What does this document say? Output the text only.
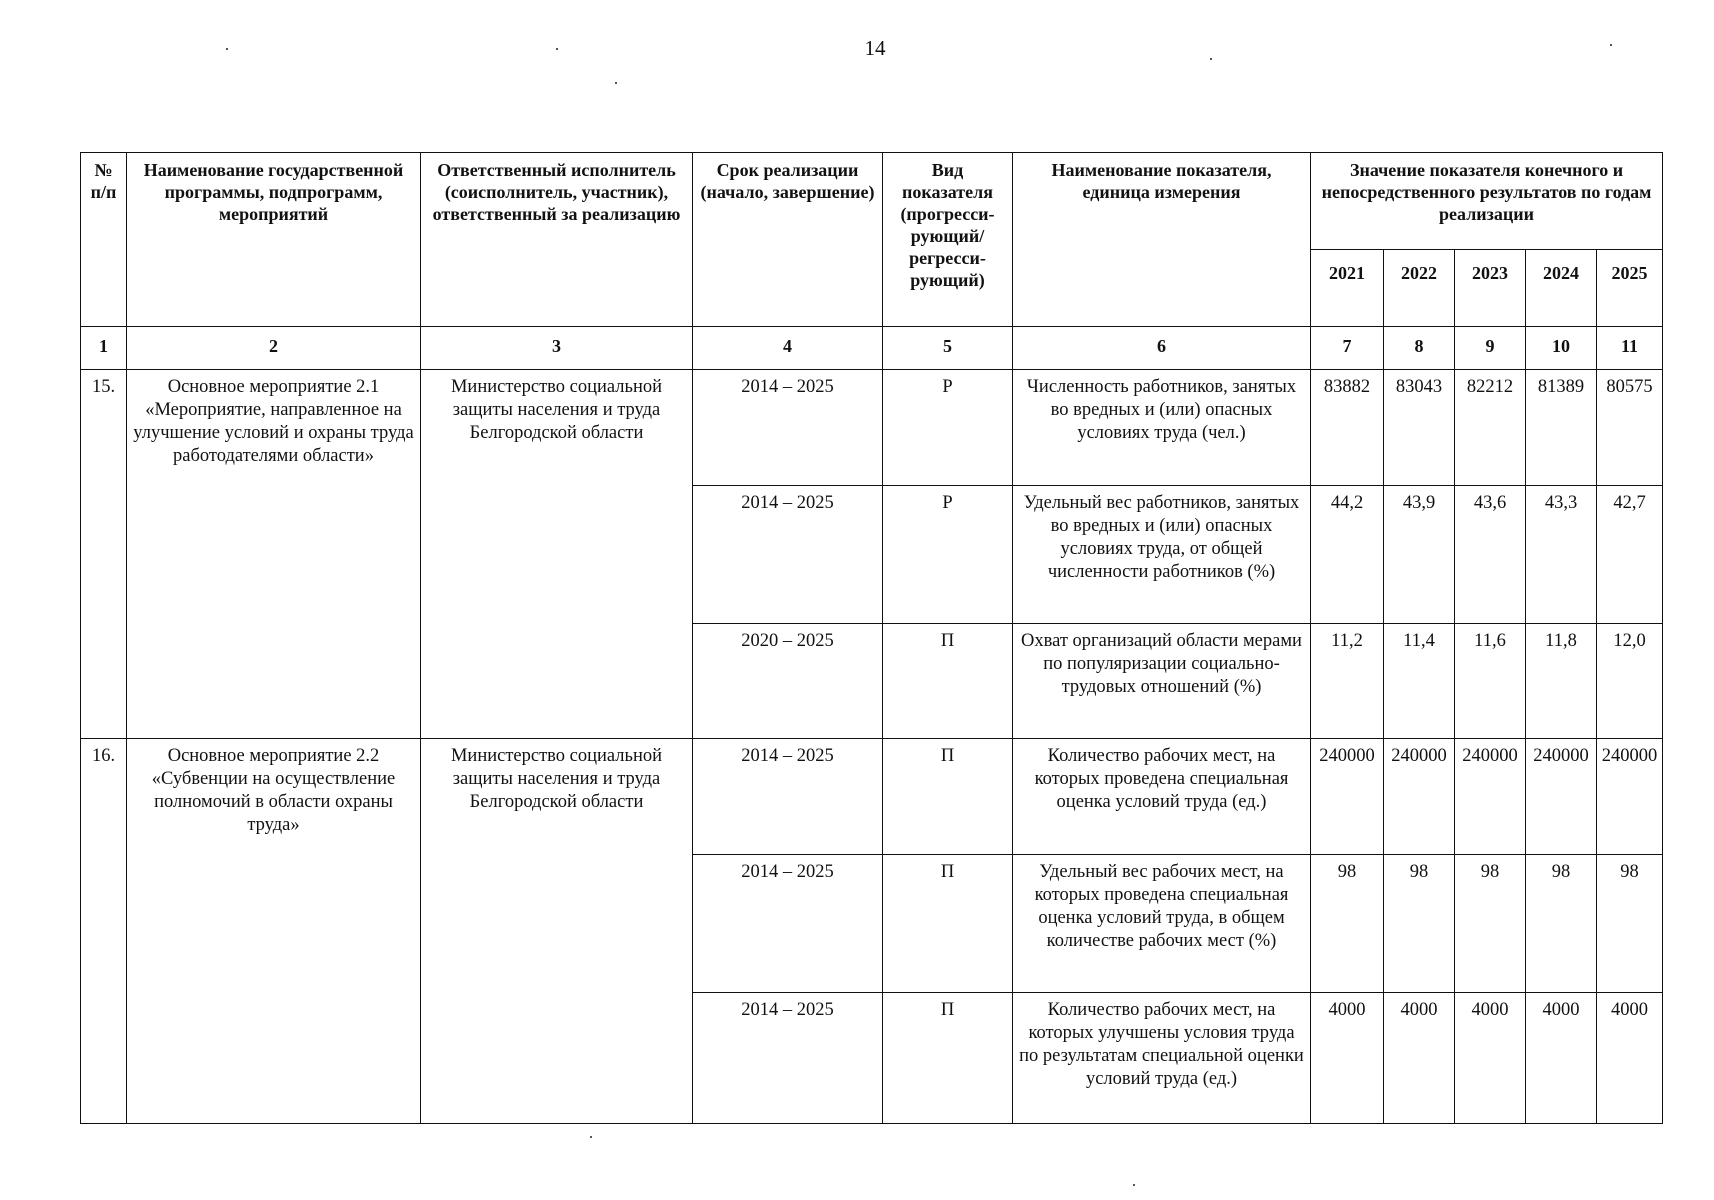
14
№ п/п	Наименование государственной программы, подпрограмм, мероприятий	Ответственный исполнитель (соисполнитель, участник), ответственный за реализацию	Срок реализации (начало, завершение)	Вид показателя (прогресси-рующий/ регресси-рующий)	Наименование показателя, единица измерения	Значение показателя конечного и непосредственного результатов по годам реализации				
						2021	2022	2023	2024	2025
1	2	3	4	5	6	7	8	9	10	11
15.	Основное мероприятие 2.1 «Мероприятие, направленное на улучшение условий и охраны труда работодателями области»	Министерство социальной защиты населения и труда Белгородской области	2014 – 2025	Р	Численность работников, занятых во вредных и (или) опасных условиях труда (чел.)	83882	83043	82212	81389	80575
			2014 – 2025	Р	Удельный вес работников, занятых во вредных и (или) опасных условиях труда, от общей численности работников (%)	44,2	43,9	43,6	43,3	42,7
			2020 – 2025	П	Охват организаций области мерами по популяризации социально-трудовых отношений (%)	11,2	11,4	11,6	11,8	12,0
16.	Основное мероприятие 2.2 «Субвенции на осуществление полномочий в области охраны труда»	Министерство социальной защиты населения и труда Белгородской области	2014 – 2025	П	Количество рабочих мест, на которых проведена специальная оценка условий труда (ед.)	240000	240000	240000	240000	240000
			2014 – 2025	П	Удельный вес рабочих мест, на которых проведена специальная оценка условий труда, в общем количестве рабочих мест (%)	98	98	98	98	98
			2014 – 2025	П	Количество рабочих мест, на которых улучшены условия труда по результатам специальной оценки условий труда (ед.)	4000	4000	4000	4000	4000
